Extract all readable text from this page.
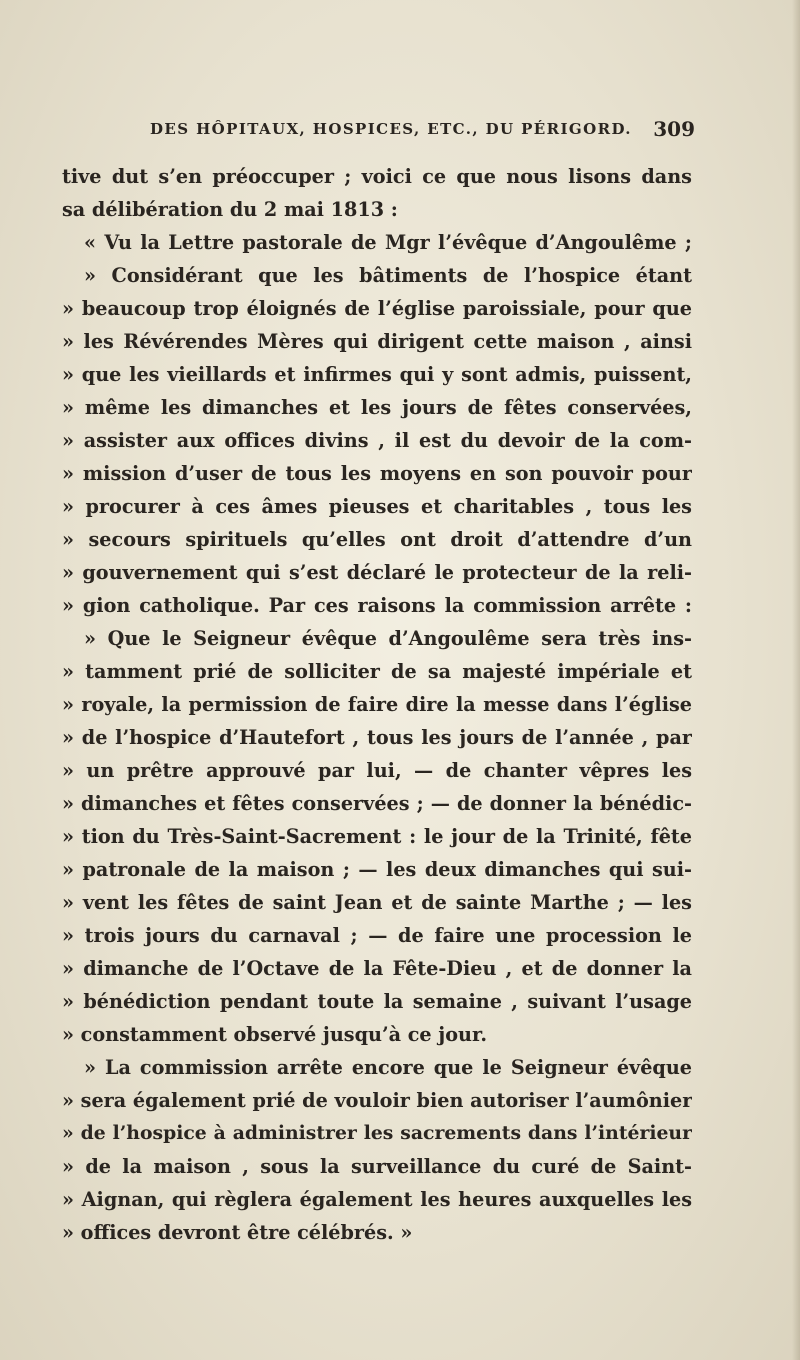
DES HÔPITAUX, HOSPICES, ETC., DU PÉRIGORD. 309
tive dut s’en préoccuper ; voici ce que nous lisons dans
sa délibération du 2 mai 1813 :
« Vu la Lettre pastorale de Mgr l’évêque d’Angoulême ;
» Considérant que les bâtiments de l’hospice étant
» beaucoup trop éloignés de l’église paroissiale, pour que
» les Révérendes Mères qui dirigent cette maison , ainsi
» que les vieillards et infirmes qui y sont admis, puissent,
» même les dimanches et les jours de fêtes conservées,
» assister aux offices divins , il est du devoir de la com-
» mission d’user de tous les moyens en son pouvoir pour
» procurer à ces âmes pieuses et charitables , tous les
» secours spirituels qu’elles ont droit d’attendre d’un
» gouvernement qui s’est déclaré le protecteur de la reli-
» gion catholique. Par ces raisons la commission arrête :
» Que le Seigneur évêque d’Angoulême sera très ins-
» tamment prié de solliciter de sa majesté impériale et
» royale, la permission de faire dire la messe dans l’église
» de l’hospice d’Hautefort , tous les jours de l’année , par
» un prêtre approuvé par lui, — de chanter vêpres les
» dimanches et fêtes conservées ; — de donner la bénédic-
» tion du Très-Saint-Sacrement : le jour de la Trinité, fête
» patronale de la maison ; — les deux dimanches qui sui-
» vent les fêtes de saint Jean et de sainte Marthe ; — les
» trois jours du carnaval ; — de faire une procession le
» dimanche de l’Octave de la Fête-Dieu , et de donner la
» bénédiction pendant toute la semaine , suivant l’usage
» constamment observé jusqu’à ce jour.
» La commission arrête encore que le Seigneur évêque
» sera également prié de vouloir bien autoriser l’aumônier
» de l’hospice à administrer les sacrements dans l’intérieur
» de la maison , sous la surveillance du curé de Saint-
» Aignan, qui règlera également les heures auxquelles les
» offices devront être célébrés. »
